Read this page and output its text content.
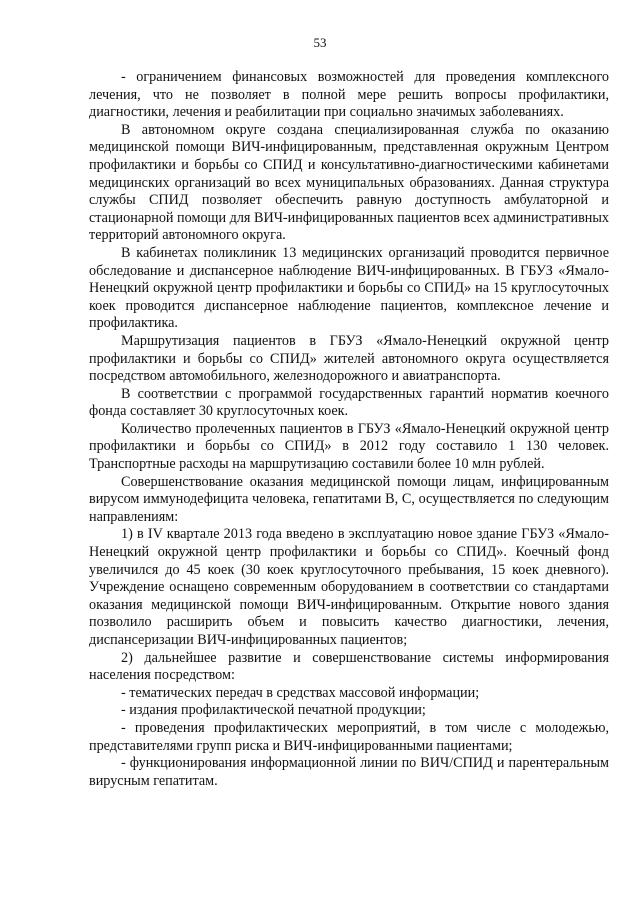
53

- ограничением финансовых возможностей для проведения комплексного лечения, что не позволяет в полной мере решить вопросы профилактики, диагностики, лечения и реабилитации при социально значимых заболеваниях.

В автономном округе создана специализированная служба по оказанию медицинской помощи ВИЧ-инфицированным, представленная окружным Центром профилактики и борьбы со СПИД и консультативно-диагностическими кабинетами медицинских организаций во всех муниципальных образованиях. Данная структура службы СПИД позволяет обеспечить равную доступность амбулаторной и стационарной помощи для ВИЧ-инфицированных пациентов всех административных территорий автономного округа.

В кабинетах поликлиник 13 медицинских организаций проводится первичное обследование и диспансерное наблюдение ВИЧ-инфицированных. В ГБУЗ «Ямало-Ненецкий окружной центр профилактики и борьбы со СПИД» на 15 круглосуточных коек проводится диспансерное наблюдение пациентов, комплексное лечение и профилактика.

Маршрутизация пациентов в ГБУЗ «Ямало-Ненецкий окружной центр профилактики и борьбы со СПИД» жителей автономного округа осуществляется посредством автомобильного, железнодорожного и авиатранспорта.

В соответствии с программой государственных гарантий норматив коечного фонда составляет 30 круглосуточных коек.

Количество пролеченных пациентов в ГБУЗ «Ямало-Ненецкий окружной центр профилактики и борьбы со СПИД» в 2012 году составило 1 130 человек. Транспортные расходы на маршрутизацию составили более 10 млн рублей.

Совершенствование оказания медицинской помощи лицам, инфицированным вирусом иммунодефицита человека, гепатитами В, С, осуществляется по следующим направлениям:

1) в IV квартале 2013 года введено в эксплуатацию новое здание ГБУЗ «Ямало-Ненецкий окружной центр профилактики и борьбы со СПИД». Коечный фонд увеличился до 45 коек (30 коек круглосуточного пребывания, 15 коек дневного). Учреждение оснащено современным оборудованием в соответствии со стандартами оказания медицинской помощи ВИЧ-инфицированным. Открытие нового здания позволило расширить объем и повысить качество диагностики, лечения, диспансеризации ВИЧ-инфицированных пациентов;

2) дальнейшее развитие и совершенствование системы информирования населения посредством:

- тематических передач в средствах массовой информации;

- издания профилактической печатной продукции;

- проведения профилактических мероприятий, в том числе с молодежью, представителями групп риска и ВИЧ-инфицированными пациентами;

- функционирования информационной линии по ВИЧ/СПИД и парентеральным вирусным гепатитам.
